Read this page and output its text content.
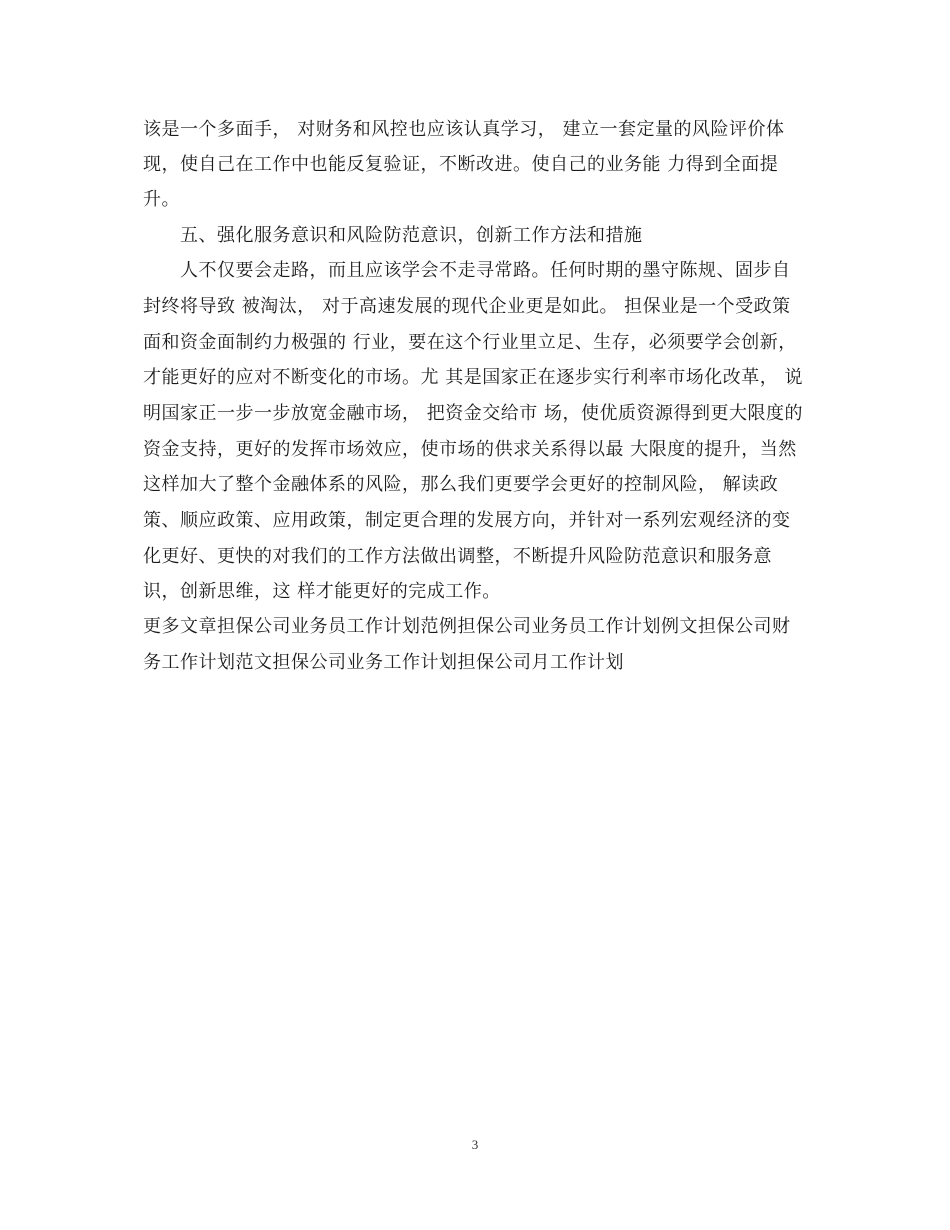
该是一个多面手， 对财务和风控也应该认真学习， 建立一套定量的风险评价体
现，使自己在工作中也能反复验证，不断改进。使自己的业务能 力得到全面提
升。
五、强化服务意识和风险防范意识，创新工作方法和措施
人不仅要会走路，而且应该学会不走寻常路。任何时期的墨守陈规、固步自
封终将导致 被淘汰， 对于高速发展的现代企业更是如此。 担保业是一个受政策
面和资金面制约力极强的 行业，要在这个行业里立足、生存，必须要学会创新，
才能更好的应对不断变化的市场。尤 其是国家正在逐步实行利率市场化改革， 说
明国家正一步一步放宽金融市场， 把资金交给市 场，使优质资源得到更大限度的
资金支持，更好的发挥市场效应，使市场的供求关系得以最 大限度的提升，当然
这样加大了整个金融体系的风险，那么我们更要学会更好的控制风险， 解读政
策、顺应政策、应用政策，制定更合理的发展方向，并针对一系列宏观经济的变
化更好、更快的对我们的工作方法做出调整，不断提升风险防范意识和服务意
识，创新思维，这 样才能更好的完成工作。
更多文章担保公司业务员工作计划范例担保公司业务员工作计划例文担保公司财
务工作计划范文担保公司业务工作计划担保公司月工作计划
3
